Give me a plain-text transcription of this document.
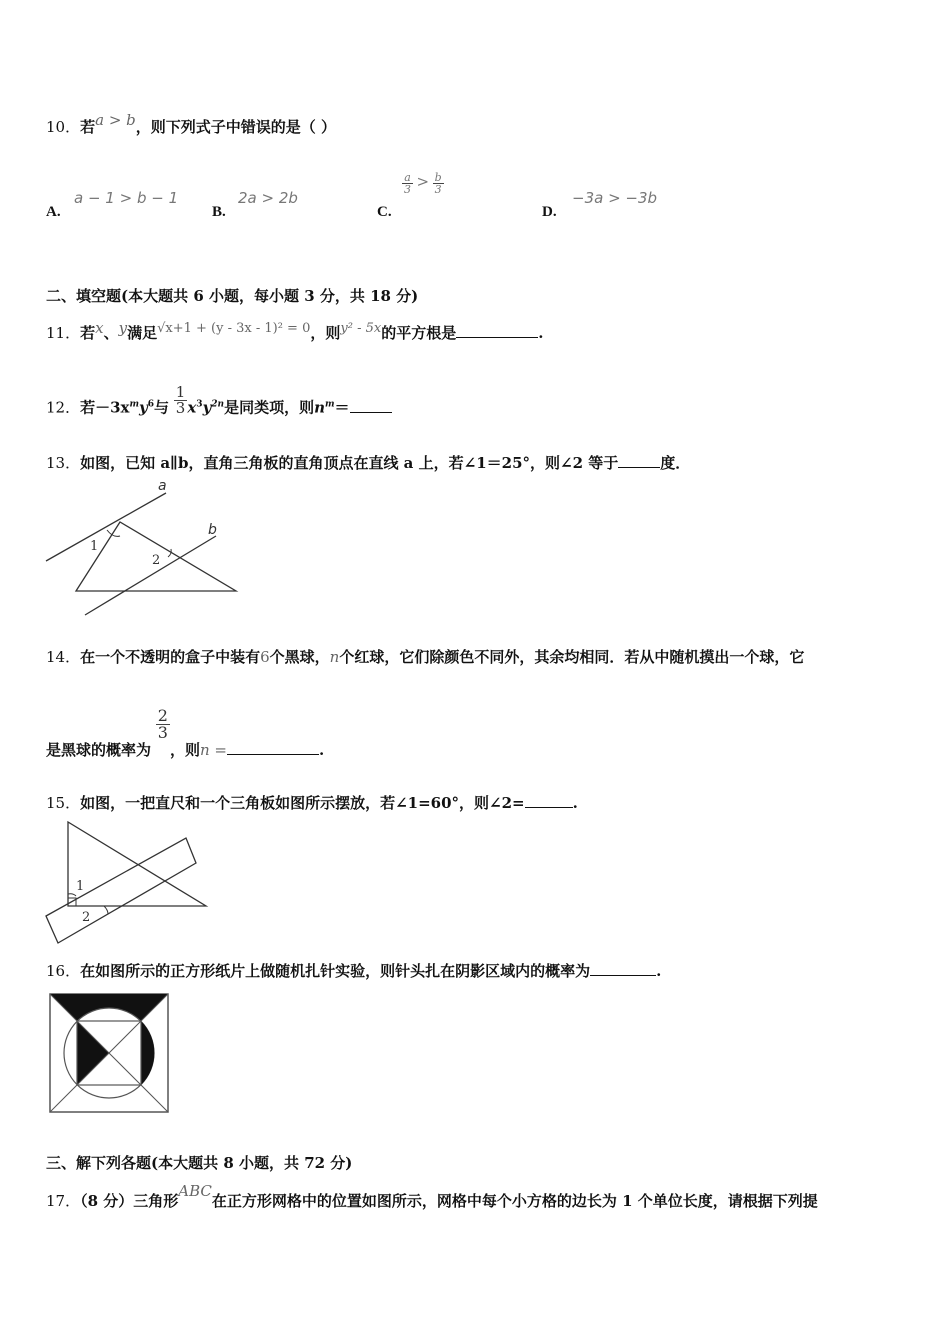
10．若a > b，则下列式子中错误的是（ ）
A.
a − 1 > b − 1
B.
2a > 2b
C.
$\frac{a}{3} > \frac{b}{3}$
D.
−3a > −3b
二、填空题(本大题共 6 小题，每小题 3 分，共 18 分)
11．若x、y满足√x+1 + (y - 3x - 1)² = 0，则y² - 5x的平方根是	.
12．若$-3x^my^6$与 $\frac{1}{3} x^3y^{2n}$是同类项，则$n^m=$
13．如图，已知 a∥b，直角三角板的直角顶点在直线 a 上，若∠1＝25°，则∠2 等于	度．
a
b
1
2
14．在一个不透明的盒子中装有6个黑球，n个红球，它们除颜色不同外，其余均相同．若从中随机摸出一个球，它
是黑球的概率为
$\frac{2}{3}$
，则n =	.
15．如图，一把直尺和一个三角板如图所示摆放，若∠1=60°，则∠2=	.
1
2
16．在如图所示的正方形纸片上做随机扎针实验，则针头扎在阴影区域内的概率为	.
三、解下列各题(本大题共 8 小题，共 72 分)
17．（8 分）三角形ABC在正方形网格中的位置如图所示，网格中每个小方格的边长为 1 个单位长度，请根据下列提
